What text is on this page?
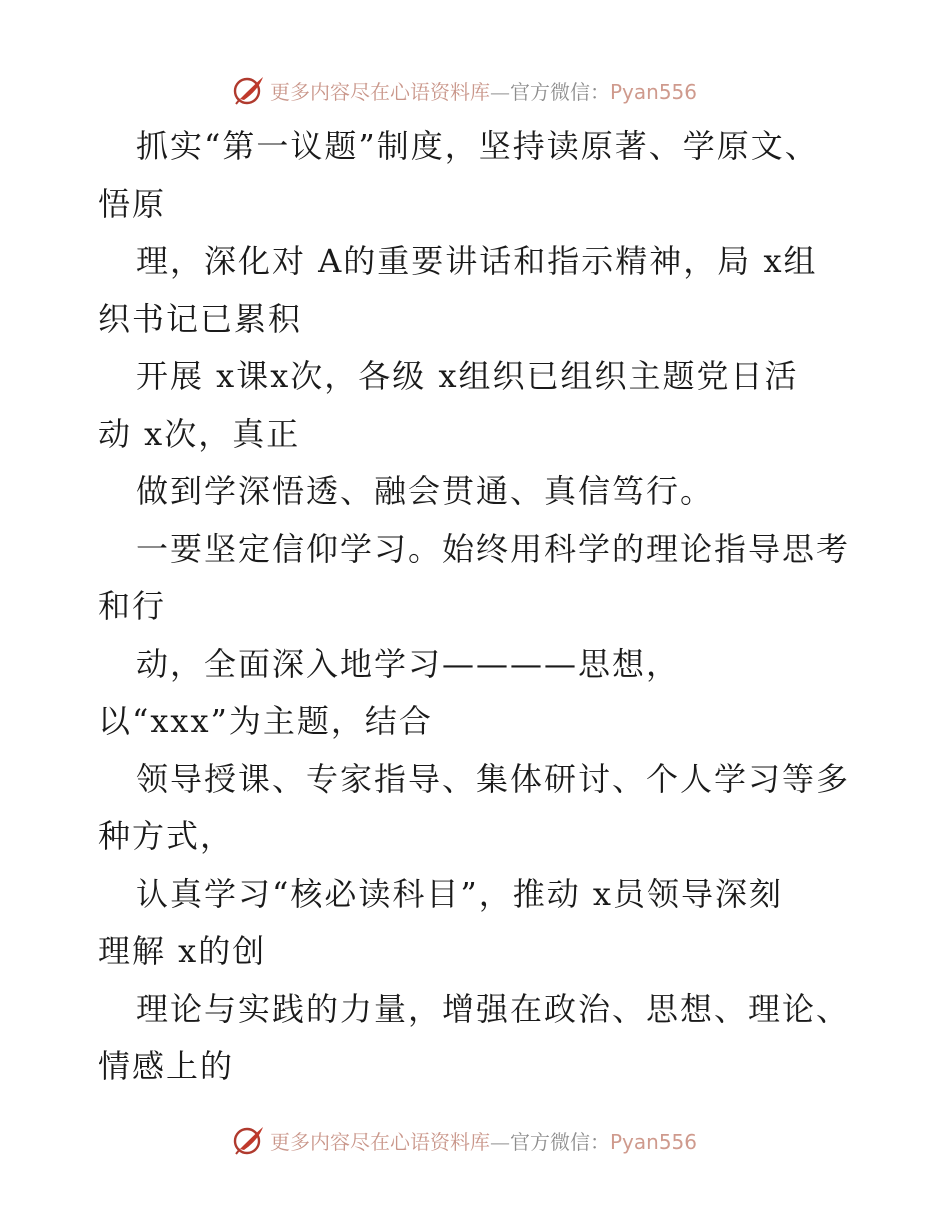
更多内容尽在心语资料库—官方微信：Pyan556
抓实“第一议题”制度，坚持读原著、学原文、
悟原
理，深化对 A的重要讲话和指示精神，局 x组
织书记已累积
开展 x课x次，各级 x组织已组织主题党日活
动 x次，真正
做到学深悟透、融会贯通、真信笃行。
一要坚定信仰学习。始终用科学的理论指导思考
和行
动，全面深入地学习————思想，
以“xxx”为主题，结合
领导授课、专家指导、集体研讨、个人学习等多
种方式，
认真学习“核必读科目”，推动 x员领导深刻
理解 x的创
理论与实践的力量，增强在政治、思想、理论、
情感上的
更多内容尽在心语资料库—官方微信：Pyan556
